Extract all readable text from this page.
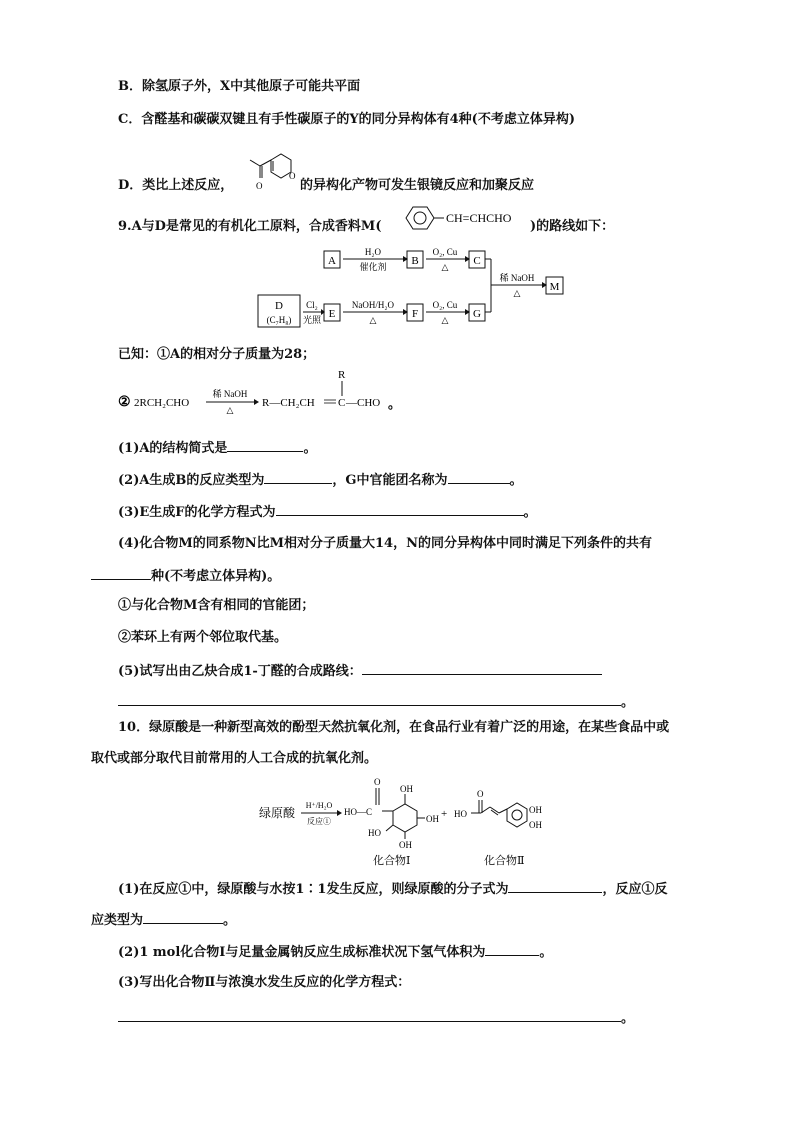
B．除氢原子外，X中其他原子可能共平面
C．含醛基和碳碳双键且有手性碳原子的Y的同分异构体有4种(不考虑立体异构)
D．类比上述反应，
O
O	的异构化产物可发生银镜反应和加聚反应
9.A与D是常见的有机化工原料，合成香料M(
CH=CHCHO
)的路线如下：
A	B	C
D
(C₇H₈)	E	F	G
M
H₂O
催化剂
O₂, Cu
△
Cl₂
光照
NaOH/H₂O
△
O₂, Cu
△
稀 NaOH
△
已知：①A的相对分子质量为28；
② 2RCH₂CHO
稀 NaOH
△
R—CH₂CH C —CHO
R
。
(1)A的结构简式是	。
(2)A生成B的反应类型为	，G中官能团名称为	。
(3)E生成F的化学方程式为	。
(4)化合物M的同系物N比M相对分子质量大14，N的同分异构体中同时满足下列条件的共有
种(不考虑立体异构)。
①与化合物M含有相同的官能团；
②苯环上有两个邻位取代基。
(5)试写出由乙炔合成1-丁醛的合成路线：
。
10．绿原酸是一种新型高效的酚型天然抗氧化剂，在食品行业有着广泛的用途，在某些食品中或
取代或部分取代目前常用的人工合成的抗氧化剂。
绿原酸
H⁺/H₂O
反应①
HO—C
O
OH
OH
OH
HO
化合物Ⅰ
+ HO
O
OH
OH
化合物Ⅱ
(1)在反应①中，绿原酸与水按1∶1发生反应，则绿原酸的分子式为	，反应①反
应类型为	。
(2)1 mol化合物Ⅰ与足量金属钠反应生成标准状况下氢气体积为	。
(3)写出化合物Ⅱ与浓溴水发生反应的化学方程式：
。
